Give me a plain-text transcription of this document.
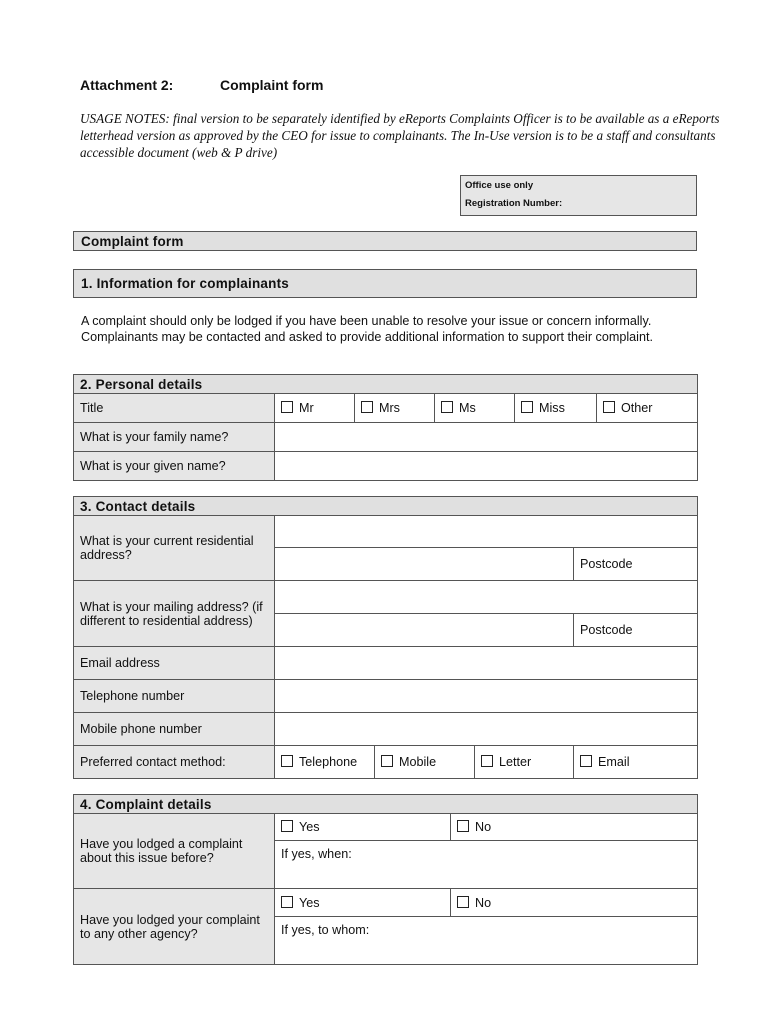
Attachment 2:	Complaint form
USAGE NOTES: final version to be separately identified by eReports Complaints Officer is to be available as a eReports letterhead version as approved by the CEO for issue to complainants. The In-Use version is to be a staff and consultants accessible document (web & P drive)
Office use only
Registration Number:
Complaint form
1. Information for complainants
A complaint should only be lodged if you have been unable to resolve your issue or concern informally. Complainants may be contacted and asked to provide additional information to support their complaint.
2. Personal details					
Title	Mr	Mrs	Ms	Miss	Other
What is your family name?					
What is your given name?					
3. Contact details				
What is your current residential address?				
				Postcode
What is your mailing address? (if different to residential address)				
				Postcode
Email address				
Telephone number				
Mobile phone number				
Preferred contact method:	Telephone	Mobile	Letter	Email
4. Complaint details		
Have you lodged a complaint about this issue before?	Yes	No
	If yes, when:	
Have you lodged your complaint to any other agency?	Yes	No
	If yes, to whom:	
